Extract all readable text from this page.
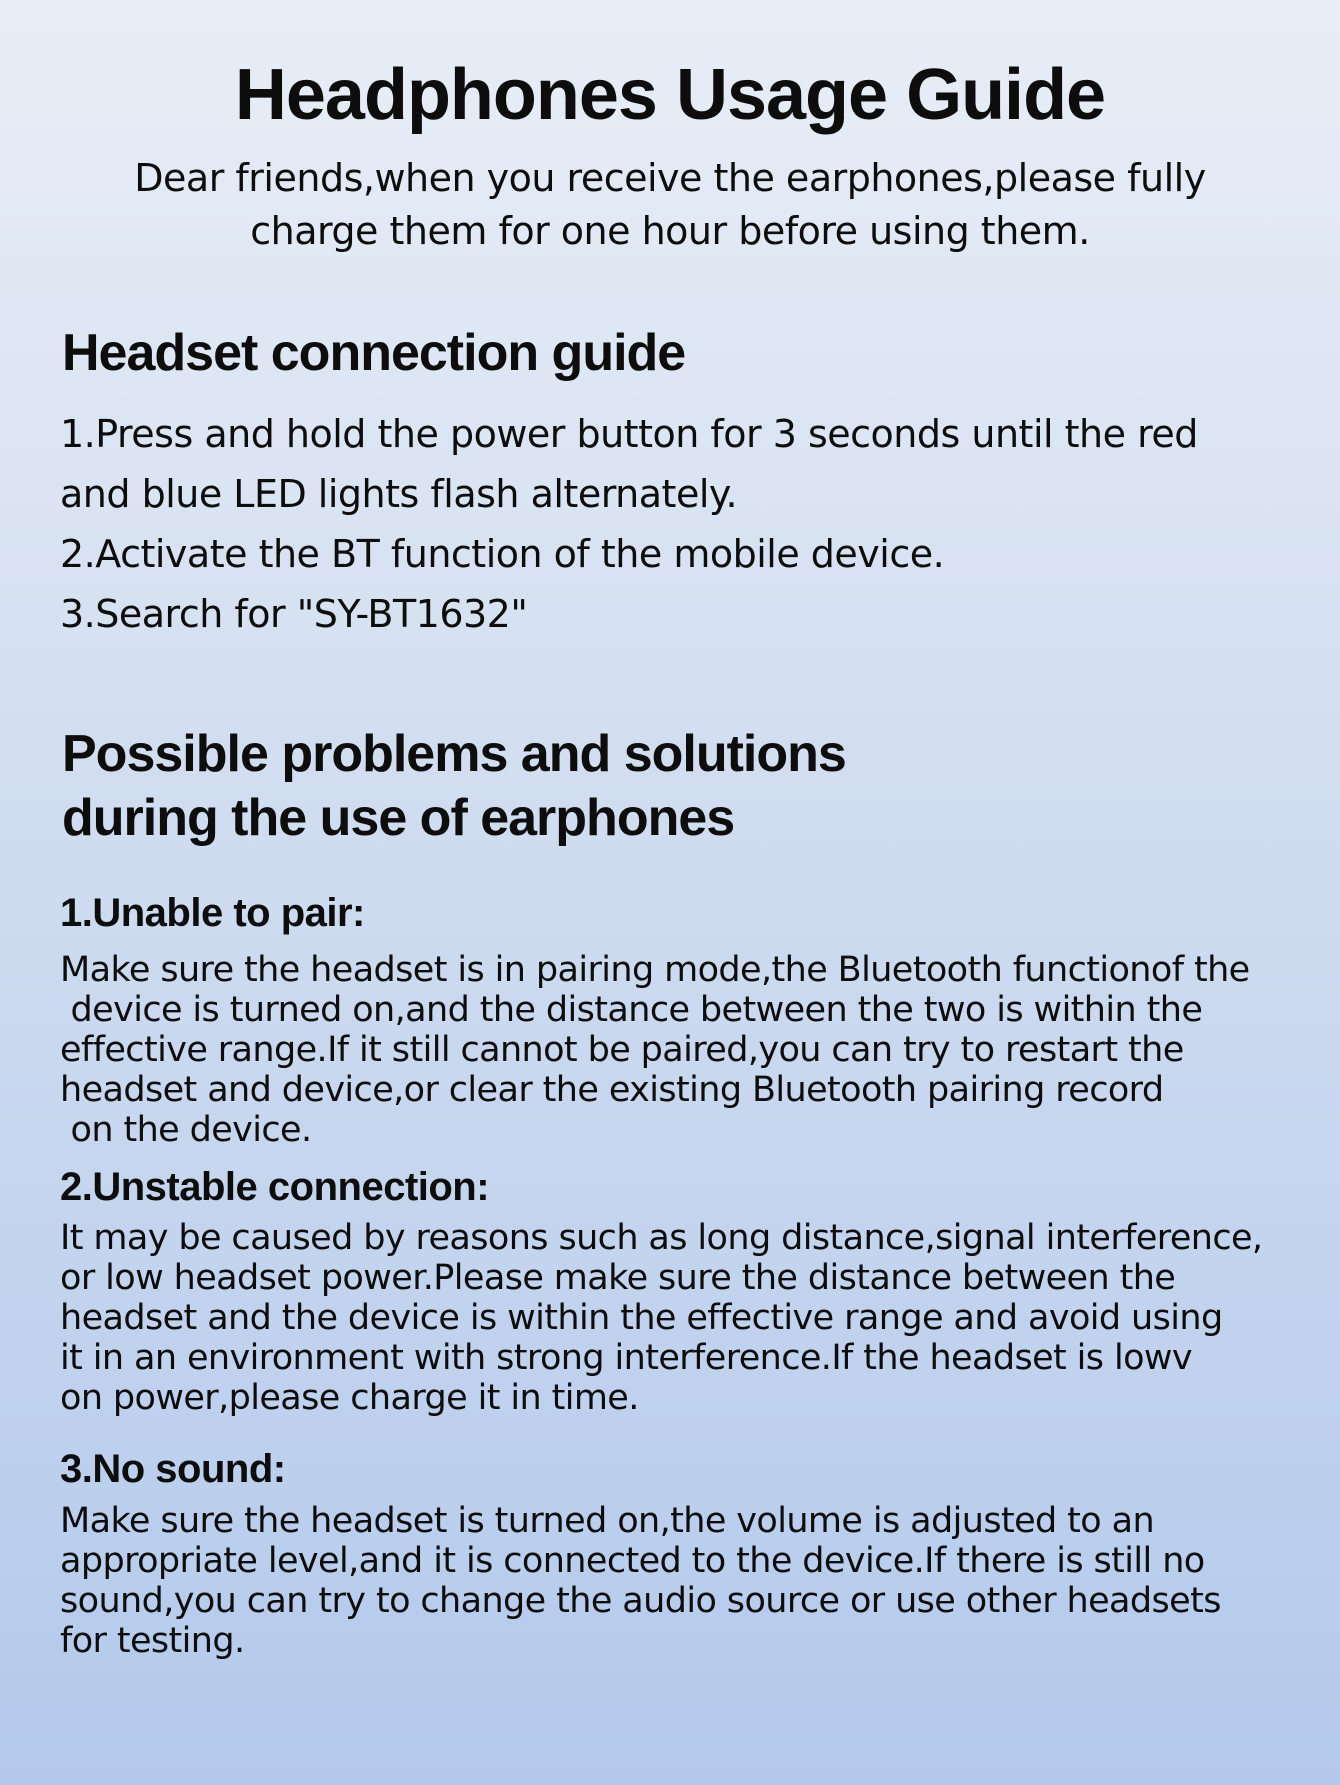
Headphones Usage Guide
Dear friends,when you receive the earphones,please fully
charge them for one hour before using them.
Headset connection guide
1.Press and hold the power button for 3 seconds until the red
and blue LED lights flash alternately.
2.Activate the BT function of the mobile device.
3.Search for "SY-BT1632"
Possible problems and solutions
during the use of earphones
1.Unable to pair:
Make sure the headset is in pairing mode,the Bluetooth functionof the
device is turned on,and the distance between the two is within the
effective range.If it still cannot be paired,you can try to restart the
headset and device,or clear the existing Bluetooth pairing record
on the device.
2.Unstable connection:
It may be caused by reasons such as long distance,signal interference,
or low headset power.Please make sure the distance between the
headset and the device is within the effective range and avoid using
it in an environment with strong interference.If the headset is lowv
on power,please charge it in time.
3.No sound:
Make sure the headset is turned on,the volume is adjusted to an
appropriate level,and it is connected to the device.If there is still no
sound,you can try to change the audio source or use other headsets
for testing.
